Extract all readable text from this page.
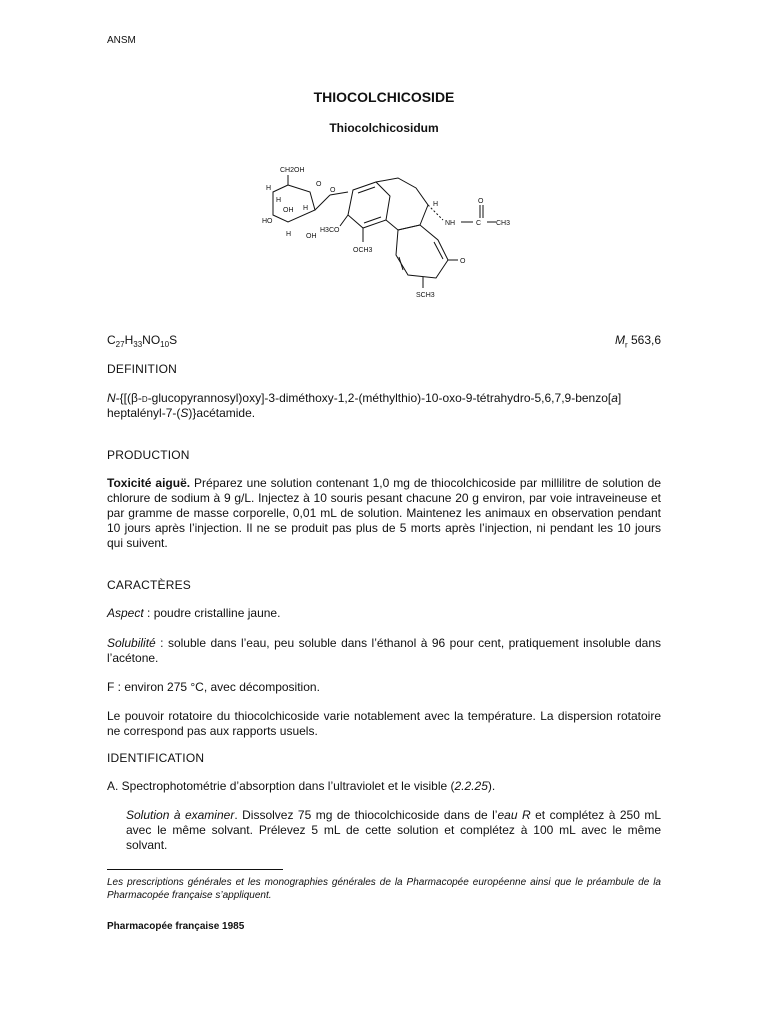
ANSM
THIOCOLCHICOSIDE
Thiocolchicosidum
CH2OH
H
H
OH
HO
H
H OH
O
O
H3CO
OCH3
H
NH	C
O
CH3
O
SCH3
$C_{27}H_{33}NO_{10}S$	$M_r$ 563,6
DEFINITION
N-{[(β-d-glucopyrannosyl)oxy]-3-diméthoxy-1,2-(méthylthio)-10-oxo-9-tétrahydro-5,6,7,9-benzo[a] heptalényl-7-(S)}acétamide.
PRODUCTION
Toxicité aiguë. Préparez une solution contenant 1,0 mg de thiocolchicoside par millilitre de solution de chlorure de sodium à 9 g/L. Injectez à 10 souris pesant chacune 20 g environ, par voie intraveineuse et par gramme de masse corporelle, 0,01 mL de solution. Maintenez les animaux en observation pendant 10 jours après l’injection. Il ne se produit pas plus de 5 morts après l’injection, ni pendant les 10 jours qui suivent.
CARACTÈRES
Aspect : poudre cristalline jaune.
Solubilité : soluble dans l’eau, peu soluble dans l’éthanol à 96 pour cent, pratiquement insoluble dans l’acétone.
F : environ 275 °C, avec décomposition.
Le pouvoir rotatoire du thiocolchicoside varie notablement avec la température. La dispersion rotatoire ne correspond pas aux rapports usuels.
IDENTIFICATION
A. Spectrophotométrie d’absorption dans l’ultraviolet et le visible (2.2.25).
Solution à examiner. Dissolvez 75 mg de thiocolchicoside dans de l’eau R et complétez à 250 mL avec le même solvant. Prélevez 5 mL de cette solution et complétez à 100 mL avec le même solvant.
Les prescriptions générales et les monographies générales de la Pharmacopée européenne ainsi que le préambule de la Pharmacopée française s’appliquent.
Pharmacopée française 1985
